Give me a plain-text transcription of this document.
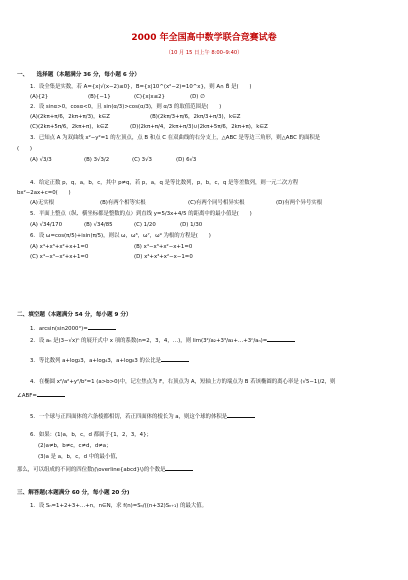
2000 年全国高中数学联合竞赛试卷
（10 月 15 日上午 8:00–9:40）
一、　　选择题（本题满分 36 分，每小题 6 分）
1．设全集是实数，若 A={x|√(x−2)≤0}，B={x|10^(x²−2)=10^x}，则 A∩ B̄ 是(　　)
(A){2}	(B){−1}	(C){x|x≤2}	(D) ∅
2．设 sinα>0，cosα<0，且 sin(α/3)>cos(α/3)，则 α/3 的取值范围是(　　)
(A)(2kπ+π/6，2kπ+π/3)，k∈Z	(B)(2kπ/3+π/6，2kπ/3+π/3)，k∈Z
(C)(2kπ+5π/6，2kπ+π)，k∈Z	(D)(2kπ+π/4，2kπ+π/3)∪(2kπ+5π/6，2kπ+π)，k∈Z
3．已知点 A 为双曲线 x²−y²=1 的左顶点，点 B 和点 C 在双曲线的右分支上，△ABC 是等边三角形，则△ABC 的面积是
(　　)
(A) √3/3	(B) 3√3/2	(C) 3√3	(D) 6√3
4．给定正数 p，q，a，b，c，其中 p≠q，若 p，a，q 是等比数列，p，b，c，q 是等差数列，则一元二次方程
bx²−2ax+c=0(　　)
(A)无实根	(B)有两个相等实根	(C)有两个同号相异实根	(D)有两个异号实根
5．平面上整点（纵、横坐标都是整数的点）到直线 y=5/3x+4/5 的距离中的最小值是(　　)
(A) √34/170	(B) √34/85	(C) 1/20	(D) 1/30
6．设 ω=cos(π/5)+isin(π/5)，则以 ω，ω³，ω⁷，ω⁹ 为根的方程是(　　)
(A) x⁴+x³+x²+x+1=0	(B) x⁴−x³+x²−x+1=0
(C) x⁴−x³−x²+x+1=0	(D) x⁴+x³+x²−x−1=0
二、填空题（本题满分 54 分，每小题 9 分）
1．arcsin(sin2000°)=
2．设 aₙ 是(3−√x)ⁿ 的展开式中 x 项的系数(n=2，3，4，…)，则 lim(3²/a₂+3³/a₃+…+3ⁿ/aₙ)=
3．等比数列 a+log₂3，a+log₄3，a+log₈3 的公比是
4．在椭圆 x²/a²+y²/b²=1 (a>b>0)中，记左焦点为 F，右顶点为 A，短轴上方的端点为 B 若该椭圆的离心率是 (√5−1)/2，则
∠ABF=
5．一个球与正四面体的六条棱都相切，若正四面体的棱长为 a，则这个球的体积是
6．如果：(1)a，b，c，d 都属于{1，2，3，4}；
(2)a≠b，b≠c，c≠d，d≠a；
(3)a 是 a，b，c，d 中的最小值，
那么，可以组成的不同的四位数\(\overline{abcd}\)的个数是
三、解答题(本题满分 60 分，每小题 20 分)
1．设 Sₙ=1+2+3+…+n，n∈N，求 f(n)=Sₙ/((n+32)Sₙ₊₁) 的最大值。
